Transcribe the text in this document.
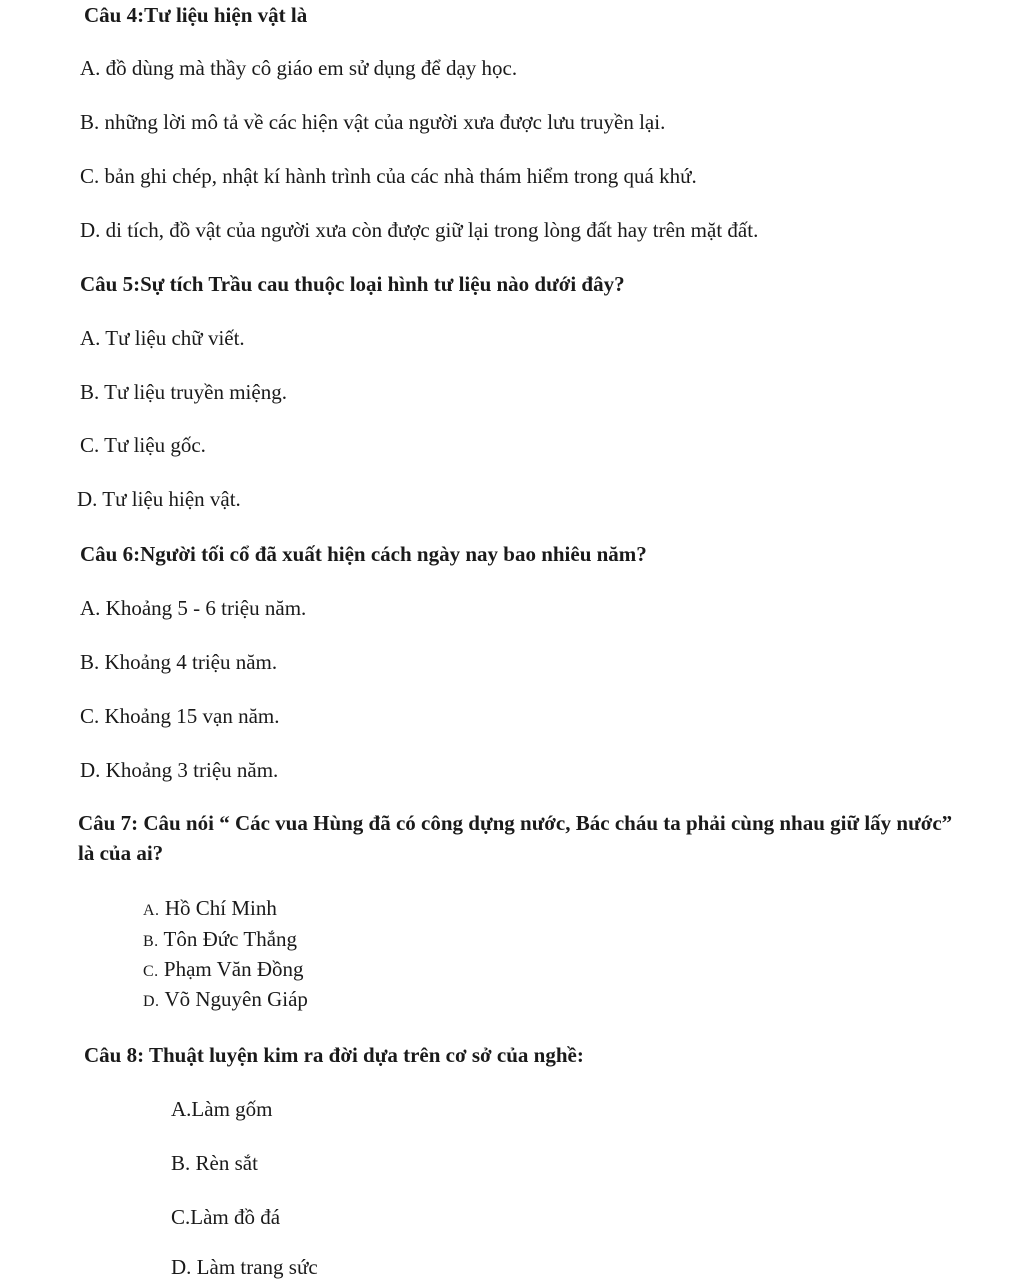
Câu 4:Tư liệu hiện vật là
A. đồ dùng mà thầy cô giáo em sử dụng để dạy học.
B. những lời mô tả về các hiện vật của người xưa được lưu truyền lại.
C. bản ghi chép, nhật kí hành trình của các nhà thám hiểm trong quá khứ.
D. di tích, đồ vật của người xưa còn được giữ lại trong lòng đất hay trên mặt đất.
Câu 5:Sự tích Trầu cau thuộc loại hình tư liệu nào dưới đây?
A. Tư liệu chữ viết.
B. Tư liệu truyền miệng.
C. Tư liệu gốc.
D. Tư liệu hiện vật.
Câu 6:Người tối cổ đã xuất hiện cách ngày nay bao nhiêu năm?
A. Khoảng 5 - 6 triệu năm.
B. Khoảng 4 triệu năm.
C. Khoảng 15 vạn năm.
D. Khoảng 3 triệu năm.
Câu 7: Câu nói “ Các vua Hùng đã có công dựng nước, Bác cháu ta phải cùng nhau giữ lấy nước” là của ai?
A. Hồ Chí Minh
B. Tôn Đức Thắng
C. Phạm Văn Đồng
D. Võ Nguyên Giáp
Câu 8: Thuật luyện kim ra đời dựa trên cơ sở của nghề:
A.Làm gốm
B. Rèn sắt
C.Làm đồ đá
D. Làm trang sức
